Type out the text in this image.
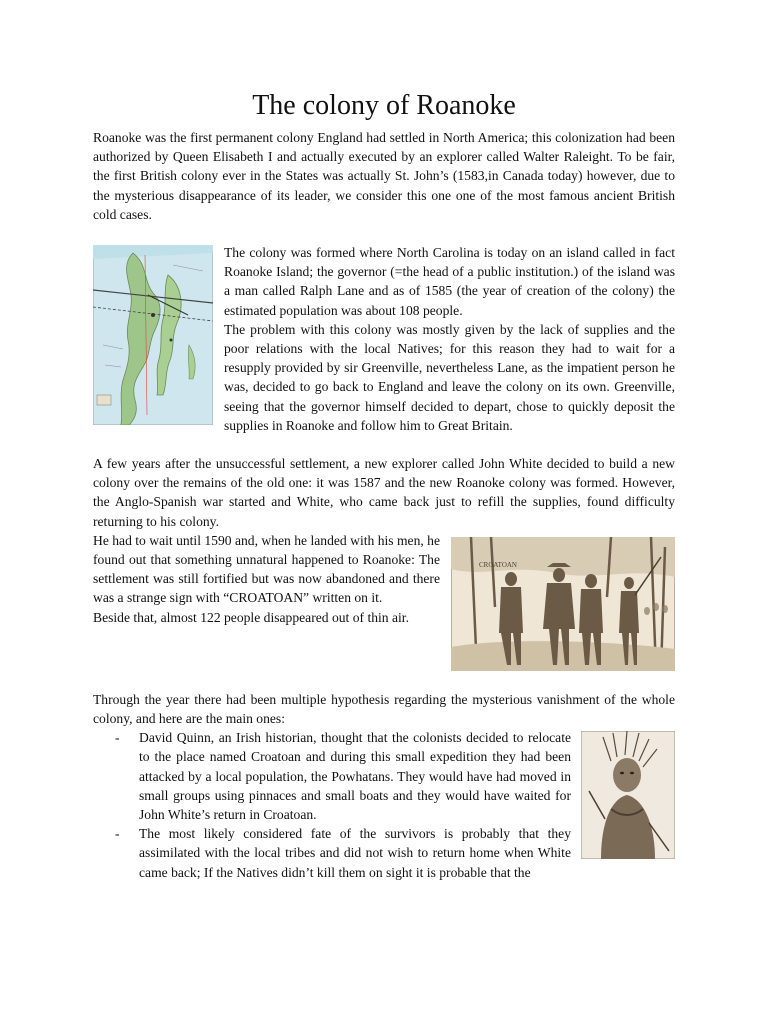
The colony of Roanoke

Roanoke was the first permanent colony England had settled in North America; this colonization had been authorized by Queen Elisabeth I and actually executed by an explorer called Walter Raleight. To be fair, the first British colony ever in the States was actually St. John’s (1583,in Canada today) however, due to the mysterious disappearance of its leader, we consider this one one of the most famous ancient British cold cases.

The colony was formed where North Carolina is today on an island called in fact Roanoke Island; the governor (=the head of a public institution.) of the island was a man called Ralph Lane and as of 1585 (the year of creation of the colony) the estimated population was about 108 people.

The problem with this colony was mostly given by the lack of supplies and the poor relations with the local Natives; for this reason they had to wait for a resupply provided by sir Greenville, nevertheless Lane, as the impatient person he was, decided to go back to England and leave the colony on its own. Greenville, seeing that the governor himself decided to depart, chose to quickly deposit the supplies in Roanoke and follow him to Great Britain.

A few years after the unsuccessful settlement, a new explorer called John White decided to build a new colony over the remains of the old one: it was 1587 and the new Roanoke colony was formed. However, the Anglo-Spanish war started and White, who came back just to refill the supplies, found difficulty returning to his colony.

CROATOAN

He had to wait until 1590 and, when he landed with his men, he found out that something unnatural happened to Roanoke: The settlement was still fortified but was now abandoned and there was a strange sign with “CROATOAN” written on it.

Beside that, almost 122 people disappeared out of thin air.

Through the year there had been multiple hypothesis regarding the mysterious vanishment of the whole colony, and here are the main ones:

- David Quinn, an Irish historian, thought that the colonists decided to relocate to the place named Croatoan and during this small expedition they had been attacked by a local population, the Powhatans. They would have had moved in small groups using pinnaces and small boats and they would have waited for John White’s return in Croatoan.
- The most likely considered fate of the survivors is probably that they assimilated with the local tribes and did not wish to return home when White came back; If the Natives didn’t kill them on sight it is probable that the
